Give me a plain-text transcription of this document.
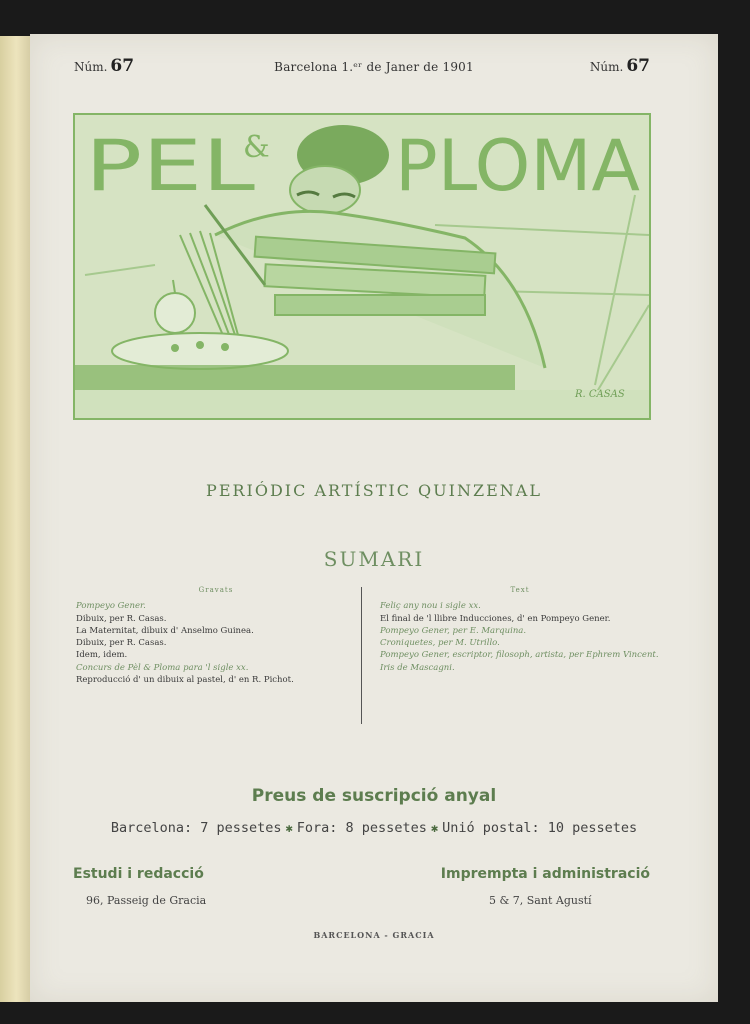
Núm. 67	Barcelona 1.ᵉʳ de Janer de 1901	Núm. 67
PEL
& PLOMA
R. CASAS
PERIÓDIC ARTÍSTIC QUINZENAL
SUMARI
Gravats
Pompeyo Gener.
Dibuix, per R. Casas.
La Maternitat, dibuix d' Anselmo Guinea.
Dibuix, per R. Casas.
Idem, idem.
Concurs de Pèl & Ploma para 'l sigle xx.
Reproducció d' un dibuix al pastel, d' en R. Pichot.
Text
Feliç any nou i sigle xx.
El final de 'l llibre Inducciones, d' en Pompeyo Gener.
Pompeyo Gener, per E. Marquina.
Croniquetes, per M. Utrillo.
Pompeyo Gener, escriptor, filosoph, artista, per Ephrem Vincent.
Iris de Mascagni.
Preus de suscripció anyal
Barcelona: 7 pessetes ✱ Fora: 8 pessetes ✱ Unió postal: 10 pessetes
Estudi i redacció
96, Passeig de Gracia
Imprempta i administració
5 & 7, Sant Agustí
BARCELONA - GRACIA
